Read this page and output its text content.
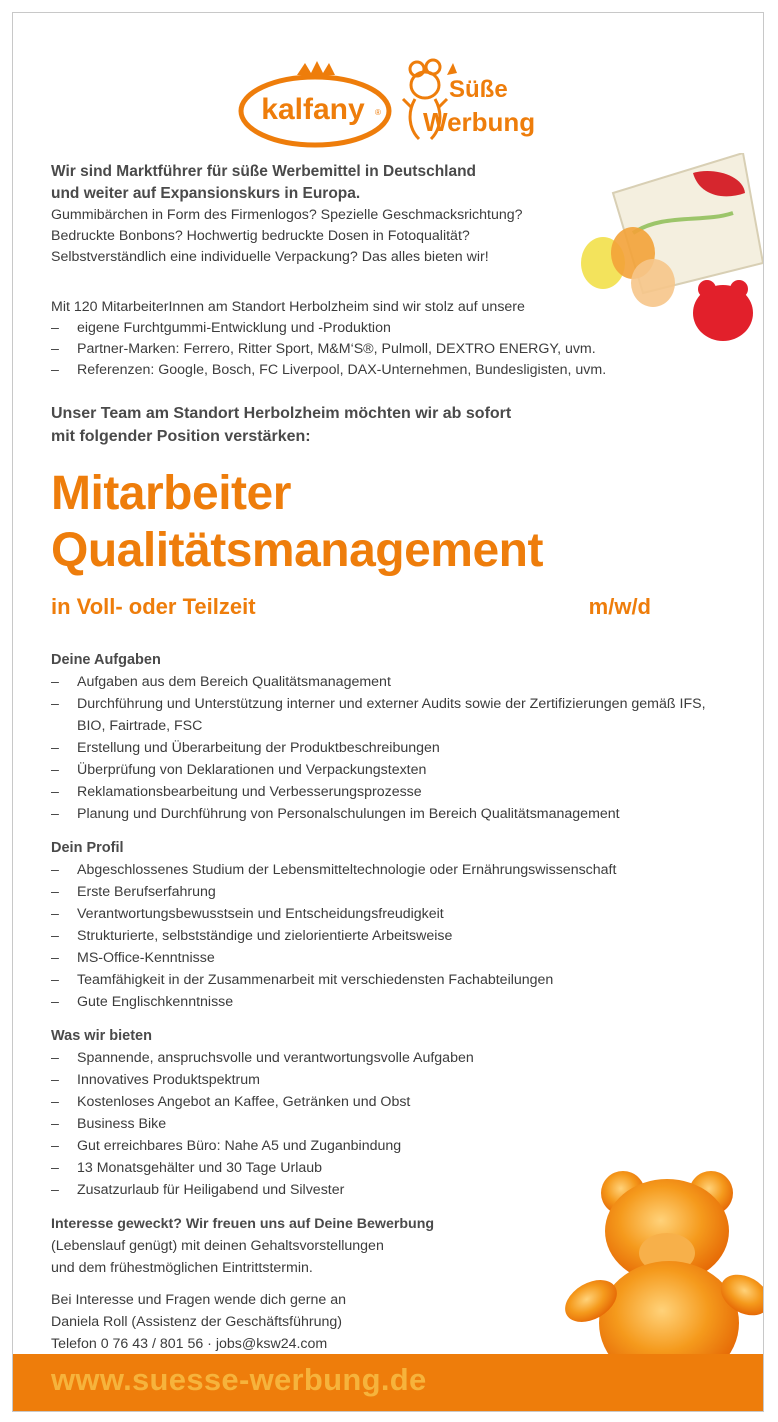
kalfany ®
Süße
Werbung

Wir sind Marktführer für süße Werbemittel in Deutschland

und weiter auf Expansionskurs in Europa.

Gummibärchen in Form des Firmenlogos? Spezielle Geschmacksrichtung?

Bedruckte Bonbons? Hochwertig bedruckte Dosen in Fotoqualität?

Selbstverständlich eine individuelle Verpackung? Das alles bieten wir!

Mit 120 MitarbeiterInnen am Standort Herbolzheim sind wir stolz auf unsere

– eigene Furchtgummi-Entwicklung und -Produktion
– Partner-Marken: Ferrero, Ritter Sport, M&M‘S®, Pulmoll, DEXTRO ENERGY, uvm.
– Referenzen: Google, Bosch, FC Liverpool, DAX-Unternehmen, Bundesligisten, uvm.
Unser Team am Standort Herbolzheim möchten wir ab sofort
mit folgender Position verstärken:
Mitarbeiter
Qualitätsmanagement
in Voll- oder Teilzeit	m/w/d
Deine Aufgaben
– Aufgaben aus dem Bereich Qualitätsmanagement
– Durchführung und Unterstützung interner und externer Audits sowie der Zertifizierungen gemäß IFS, BIO, Fairtrade, FSC
– Erstellung und Überarbeitung der Produktbeschreibungen
– Überprüfung von Deklarationen und Verpackungstexten
– Reklamationsbearbeitung und Verbesserungsprozesse
– Planung und Durchführung von Personalschulungen im Bereich Qualitätsmanagement
Dein Profil
– Abgeschlossenes Studium der Lebensmitteltechnologie oder Ernährungswissenschaft
– Erste Berufserfahrung
– Verantwortungsbewusstsein und Entscheidungsfreudigkeit
– Strukturierte, selbstständige und zielorientierte Arbeitsweise
– MS-Office-Kenntnisse
– Teamfähigkeit in der Zusammenarbeit mit verschiedensten Fachabteilungen
– Gute Englischkenntnisse
Was wir bieten
– Spannende, anspruchsvolle und verantwortungsvolle Aufgaben
– Innovatives Produktspektrum
– Kostenloses Angebot an Kaffee, Getränken und Obst
– Business Bike
– Gut erreichbares Büro: Nahe A5 und Zuganbindung
– 13 Monatsgehälter und 30 Tage Urlaub
– Zusatzurlaub für Heiligabend und Silvester

Interesse geweckt? Wir freuen uns auf Deine Bewerbung

(Lebenslauf genügt) mit deinen Gehaltsvorstellungen

und dem frühestmöglichen Eintrittstermin.

Bei Interesse und Fragen wende dich gerne an

Daniela Roll (Assistenz der Geschäftsführung)

Telefon 0 76 43 / 801 56 · jobs@ksw24.com

www.suesse-werbung.de
